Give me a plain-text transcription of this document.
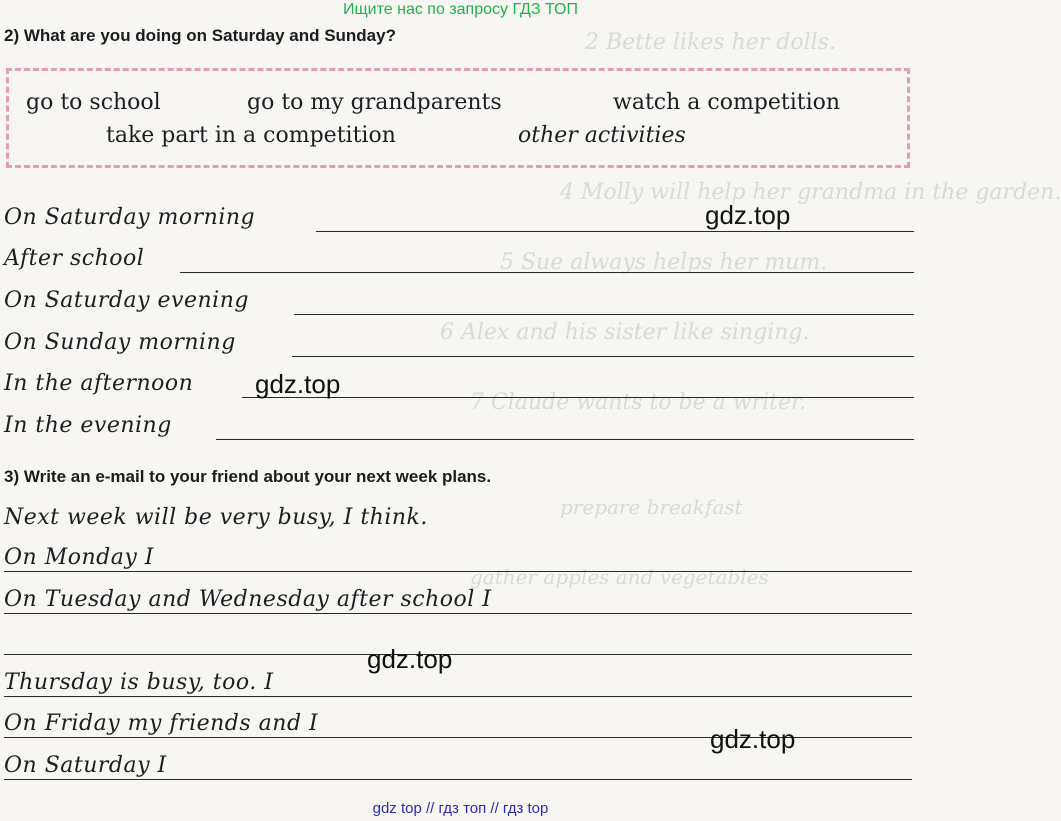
2 Bette likes her dolls.
4 Molly will help her grandma in the garden.
5 Sue always helps her mum.
6 Alex and his sister like singing.
7 Claude wants to be a writer.
prepare breakfast
gather apples and vegetables
Ищите нас по запросу ГДЗ ТОП
2) What are you doing on Saturday and Sunday?
go to school	go to my grandparents	watch a competition
take part in a competition	other activities
On Saturday morning
After school
On Saturday evening
On Sunday morning
In the afternoon
In the evening
3) Write an e-mail to your friend about your next week plans.
Next week will be very busy, I think.
On Monday I
On Tuesday and Wednesday after school I
Thursday is busy, too. I
On Friday my friends and I
On Saturday I
gdz.top
gdz.top
gdz.top
gdz.top
gdz top // гдз топ // гдз top
